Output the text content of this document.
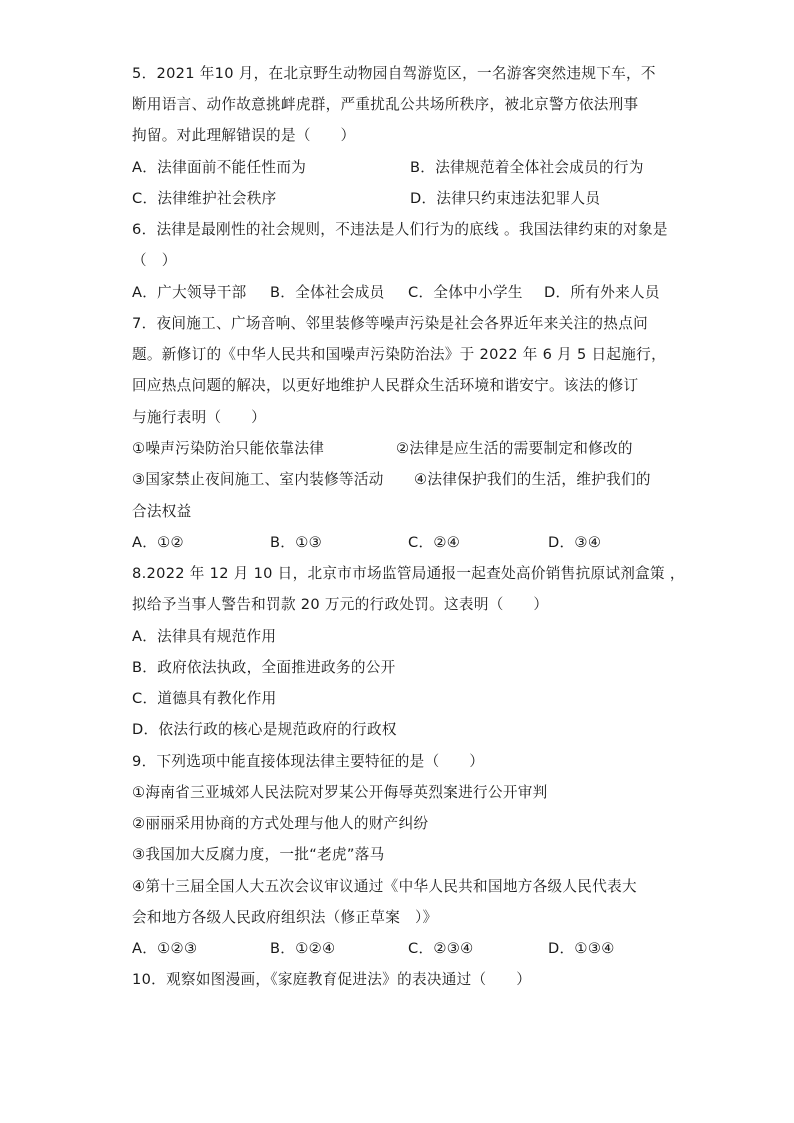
5．2021 年10 月，在北京野生动物园自驾游览区，一名游客突然违规下车，不
断用语言、动作故意挑衅虎群，严重扰乱公共场所秩序，被北京警方依法刑事
拘留。对此理解错误的是（　　）
A．法律面前不能任性而为	B．法律规范着全体社会成员的行为
C．法律维护社会秩序	D．法律只约束违法犯罪人员
6．法律是最刚性的社会规则，不违法是人们行为的底线 。我国法律约束的对象是
（　）
A．广大领导干部 B．全体社会成员 C．全体中小学生 D．所有外来人员
7．夜间施工、广场音响、邻里装修等噪声污染是社会各界近年来关注的热点问
题。新修订的《中华人民共和国噪声污染防治法》于 2022 年 6 月 5 日起施行，
回应热点问题的解决，以更好地维护人民群众生活环境和谐安宁。该法的修订
与施行表明（　　）
①噪声污染防治只能依靠法律	②法律是应生活的需要制定和修改的
③国家禁止夜间施工、室内装修等活动 ④法律保护我们的生活，维护我们的
合法权益
A．①②	B．①③	C．②④	D．③④
8.2022 年 12 月 10 日，北京市市场监管局通报一起查处高价销售抗原试剂盒策 ，
拟给予当事人警告和罚款 20 万元的行政处罚。这表明（　　）
A．法律具有规范作用
B．政府依法执政，全面推进政务的公开
C．道德具有教化作用
D．依法行政的核心是规范政府的行政权
9．下列选项中能直接体现法律主要特征的是（　　）
①海南省三亚城郊人民法院对罗某公开侮辱英烈案进行公开审判
②丽丽采用协商的方式处理与他人的财产纠纷
③我国加大反腐力度，一批“老虎”落马
④第十三届全国人大五次会议审议通过《中华人民共和国地方各级人民代表大
会和地方各级人民政府组织法（修正草案　）》
A．①②③	B．①②④	C．②③④	D．①③④
10．观察如图漫画，《家庭教育促进法》的表决通过（　　）
